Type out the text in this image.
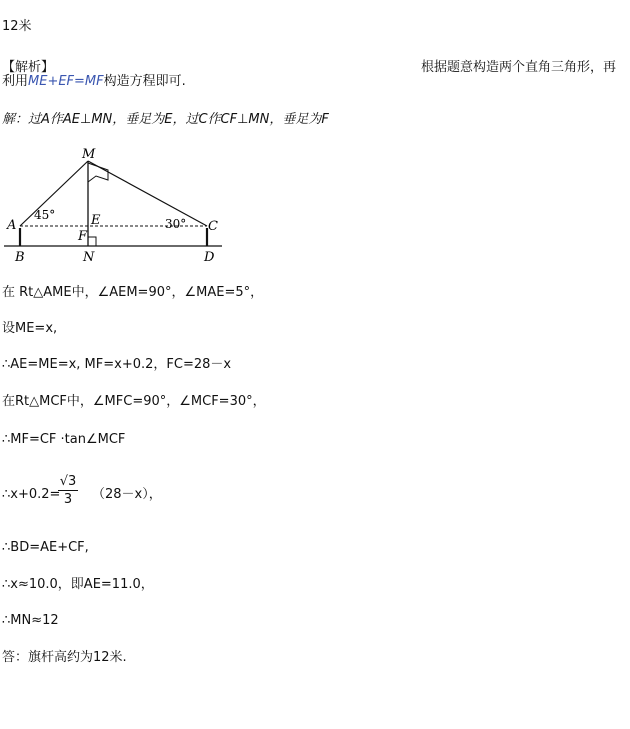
12米
【解析】	根据题意构造两个直角三角形，再
利用ME+EF=MF构造方程即可.
解：过A作AE⊥MN，垂足为E，过C作CF⊥MN，垂足为F
M
A
45°	E	30° C
F
B	N	D
在 Rt△AME中，∠AEM=90°，∠MAE=5°，
设ME=x,
∴AE=ME=x, MF=x+0.2，FC=28－x
在Rt△MCF中，∠MFC=90°，∠MCF=30°，
∴MF=CF ·tan∠MCF
∴x+0.2=
√3
3	（28－x），
∴BD=AE+CF,
∴x≈10.0，即AE=11.0，
∴MN≈12
答：旗杆高约为12米.
